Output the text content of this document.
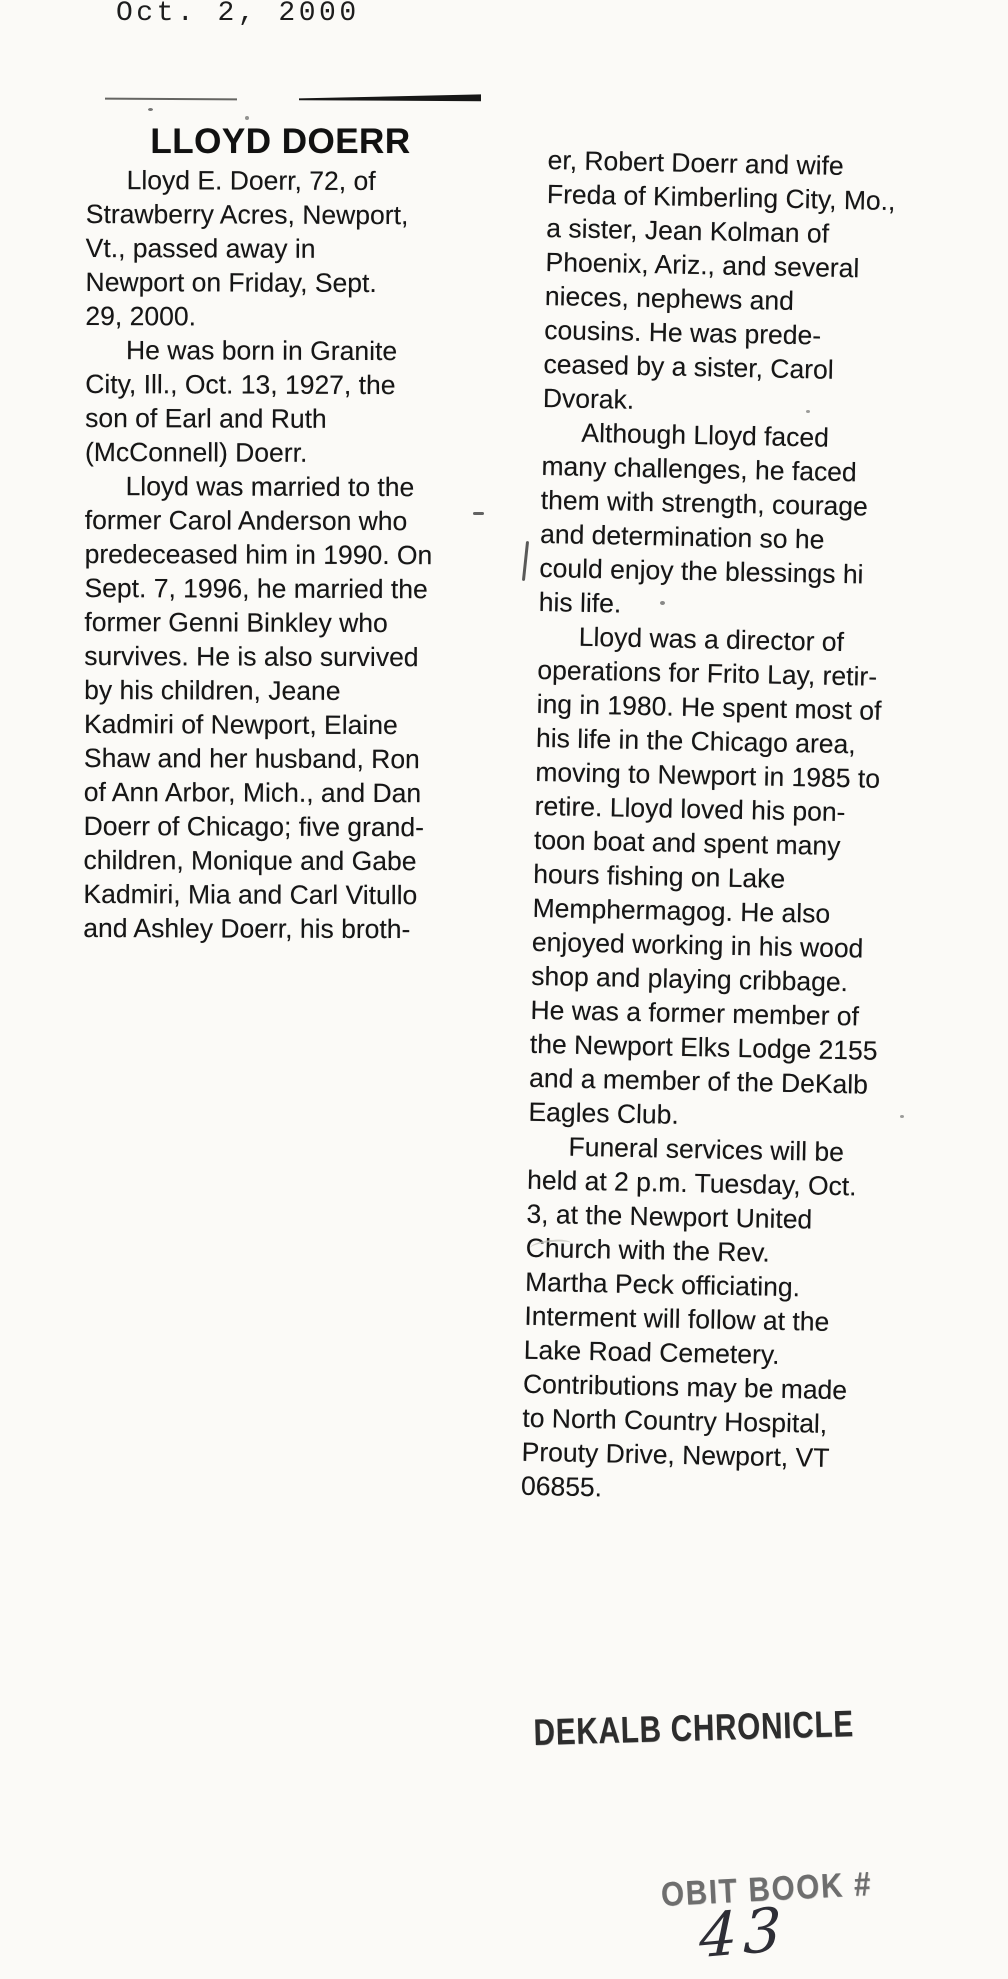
Oct. 2, 2000
LLOYD DOERR
Lloyd E. Doerr, 72, of
Strawberry Acres, Newport,
Vt., passed away in
Newport on Friday, Sept.
29, 2000.
He was born in Granite
City, Ill., Oct. 13, 1927, the
son of Earl and Ruth
(McConnell) Doerr.
Lloyd was married to the
former Carol Anderson who
predeceased him in 1990. On
Sept. 7, 1996, he married the
former Genni Binkley who
survives. He is also survived
by his children, Jeane
Kadmiri of Newport, Elaine
Shaw and her husband, Ron
of Ann Arbor, Mich., and Dan
Doerr of Chicago; five grand-
children, Monique and Gabe
Kadmiri, Mia and Carl Vitullo
and Ashley Doerr, his broth-
er, Robert Doerr and wife
Freda of Kimberling City, Mo.,
a sister, Jean Kolman of
Phoenix, Ariz., and several
nieces, nephews and
cousins. He was prede-
ceased by a sister, Carol
Dvorak.
Although Lloyd faced
many challenges, he faced
them with strength, courage
and determination so he
could enjoy the blessings hi
his life.
Lloyd was a director of
operations for Frito Lay, retir-
ing in 1980. He spent most of
his life in the Chicago area,
moving to Newport in 1985 to
retire. Lloyd loved his pon-
toon boat and spent many
hours fishing on Lake
Memphermagog. He also
enjoyed working in his wood
shop and playing cribbage.
He was a former member of
the Newport Elks Lodge 2155
and a member of the DeKalb
Eagles Club.
Funeral services will be
held at 2 p.m. Tuesday, Oct.
3, at the Newport United
Church with the Rev.
Martha Peck officiating.
Interment will follow at the
Lake Road Cemetery.
Contributions may be made
to North Country Hospital,
Prouty Drive, Newport, VT
06855.
DEKALB CHRONICLE
OBIT BOOK #
43
